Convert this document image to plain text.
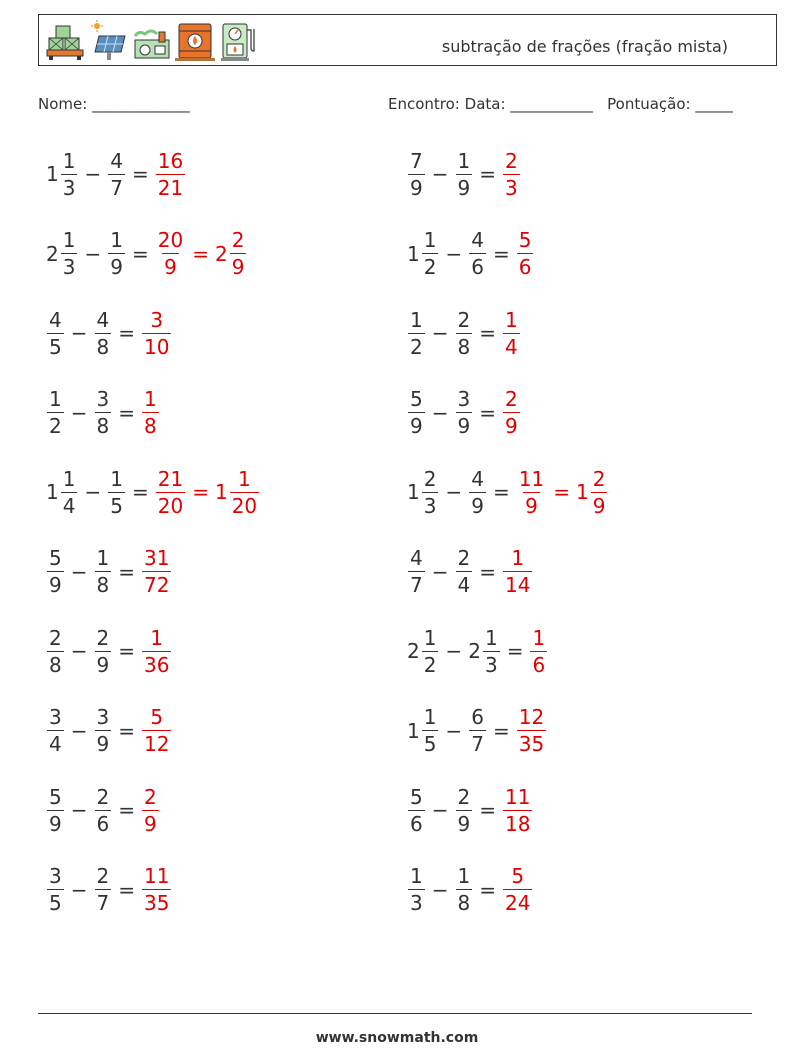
subtração de frações (fração mista)
Nome: _____________	Encontro: Data: ___________ Pontuação: _____
$1 \frac{1}{3} - \frac{4}{7} = \frac{16}{21}$	$\frac{7}{9} - \frac{1}{9} = \frac{2}{3}$
$2 \frac{1}{3} - \frac{1}{9} = \frac{20}{9} = 2 \frac{2}{9}$	$1 \frac{1}{2} - \frac{4}{6} = \frac{5}{6}$
$\frac{4}{5} - \frac{4}{8} = \frac{3}{10}$	$\frac{1}{2} - \frac{2}{8} = \frac{1}{4}$
$\frac{1}{2} - \frac{3}{8} = \frac{1}{8}$	$\frac{5}{9} - \frac{3}{9} = \frac{2}{9}$
$1 \frac{1}{4} - \frac{1}{5} = \frac{21}{20} = 1 \frac{1}{20}$	$1 \frac{2}{3} - \frac{4}{9} = \frac{11}{9} = 1 \frac{2}{9}$
$\frac{5}{9} - \frac{1}{8} = \frac{31}{72}$	$\frac{4}{7} - \frac{2}{4} = \frac{1}{14}$
$\frac{2}{8} - \frac{2}{9} = \frac{1}{36}$	$2 \frac{1}{2} - 2 \frac{1}{3} = \frac{1}{6}$
$\frac{3}{4} - \frac{3}{9} = \frac{5}{12}$	$1 \frac{1}{5} - \frac{6}{7} = \frac{12}{35}$
$\frac{5}{9} - \frac{2}{6} = \frac{2}{9}$	$\frac{5}{6} - \frac{2}{9} = \frac{11}{18}$
$\frac{3}{5} - \frac{2}{7} = \frac{11}{35}$	$\frac{1}{3} - \frac{1}{8} = \frac{5}{24}$
www.snowmath.com
